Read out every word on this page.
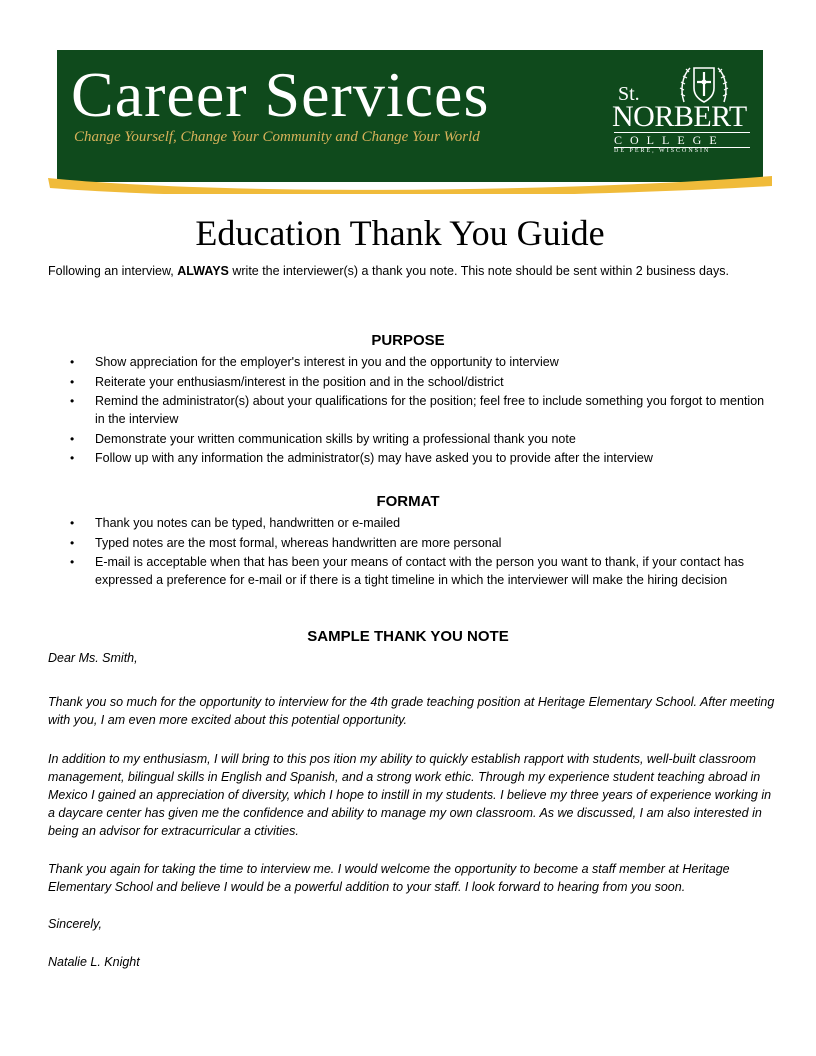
Career Services
Change Yourself, Change Your Community and Change Your World
St.
NORBERT
COLLEGE
DE PERE, WISCONSIN
Education Thank You Guide

Following an interview, ALWAYS write the interviewer(s) a thank you note. This note should be sent within 2 business days.

PURPOSE
• Show appreciation for the employer's interest in you and the opportunity to interview
• Reiterate your enthusiasm/interest in the position and in the school/district
• Remind the administrator(s) about your qualifications for the position; feel free to include something you forgot to mention in the interview
• Demonstrate your written communication skills by writing a professional thank you note
• Follow up with any information the administrator(s) may have asked you to provide after the interview
FORMAT
• Thank you notes can be typed, handwritten or e-mailed
• Typed notes are the most formal, whereas handwritten are more personal
• E-mail is acceptable when that has been your means of contact with the person you want to thank, if your contact has expressed a preference for e-mail or if there is a tight timeline in which the interviewer will make the hiring decision
SAMPLE THANK YOU NOTE

Dear Ms. Smith,

Thank you so much for the opportunity to interview for the 4th grade teaching position at Heritage Elementary School. After meeting with you, I am even more excited about this potential opportunity.

In addition to my enthusiasm, I will bring to this pos ition my ability to quickly establish rapport with students, well-built classroom management, bilingual skills in English and Spanish, and a strong work ethic. Through my experience student teaching abroad in Mexico I gained an appreciation of diversity, which I hope to instill in my students. I believe my three years of experience working in a daycare center has given me the confidence and ability to manage my own classroom. As we discussed, I am also interested in being an advisor for extracurricular a ctivities.

Thank you again for taking the time to interview me. I would welcome the opportunity to become a staff member at Heritage Elementary School and believe I would be a powerful addition to your staff. I look forward to hearing from you soon.

Sincerely,

Natalie L. Knight
